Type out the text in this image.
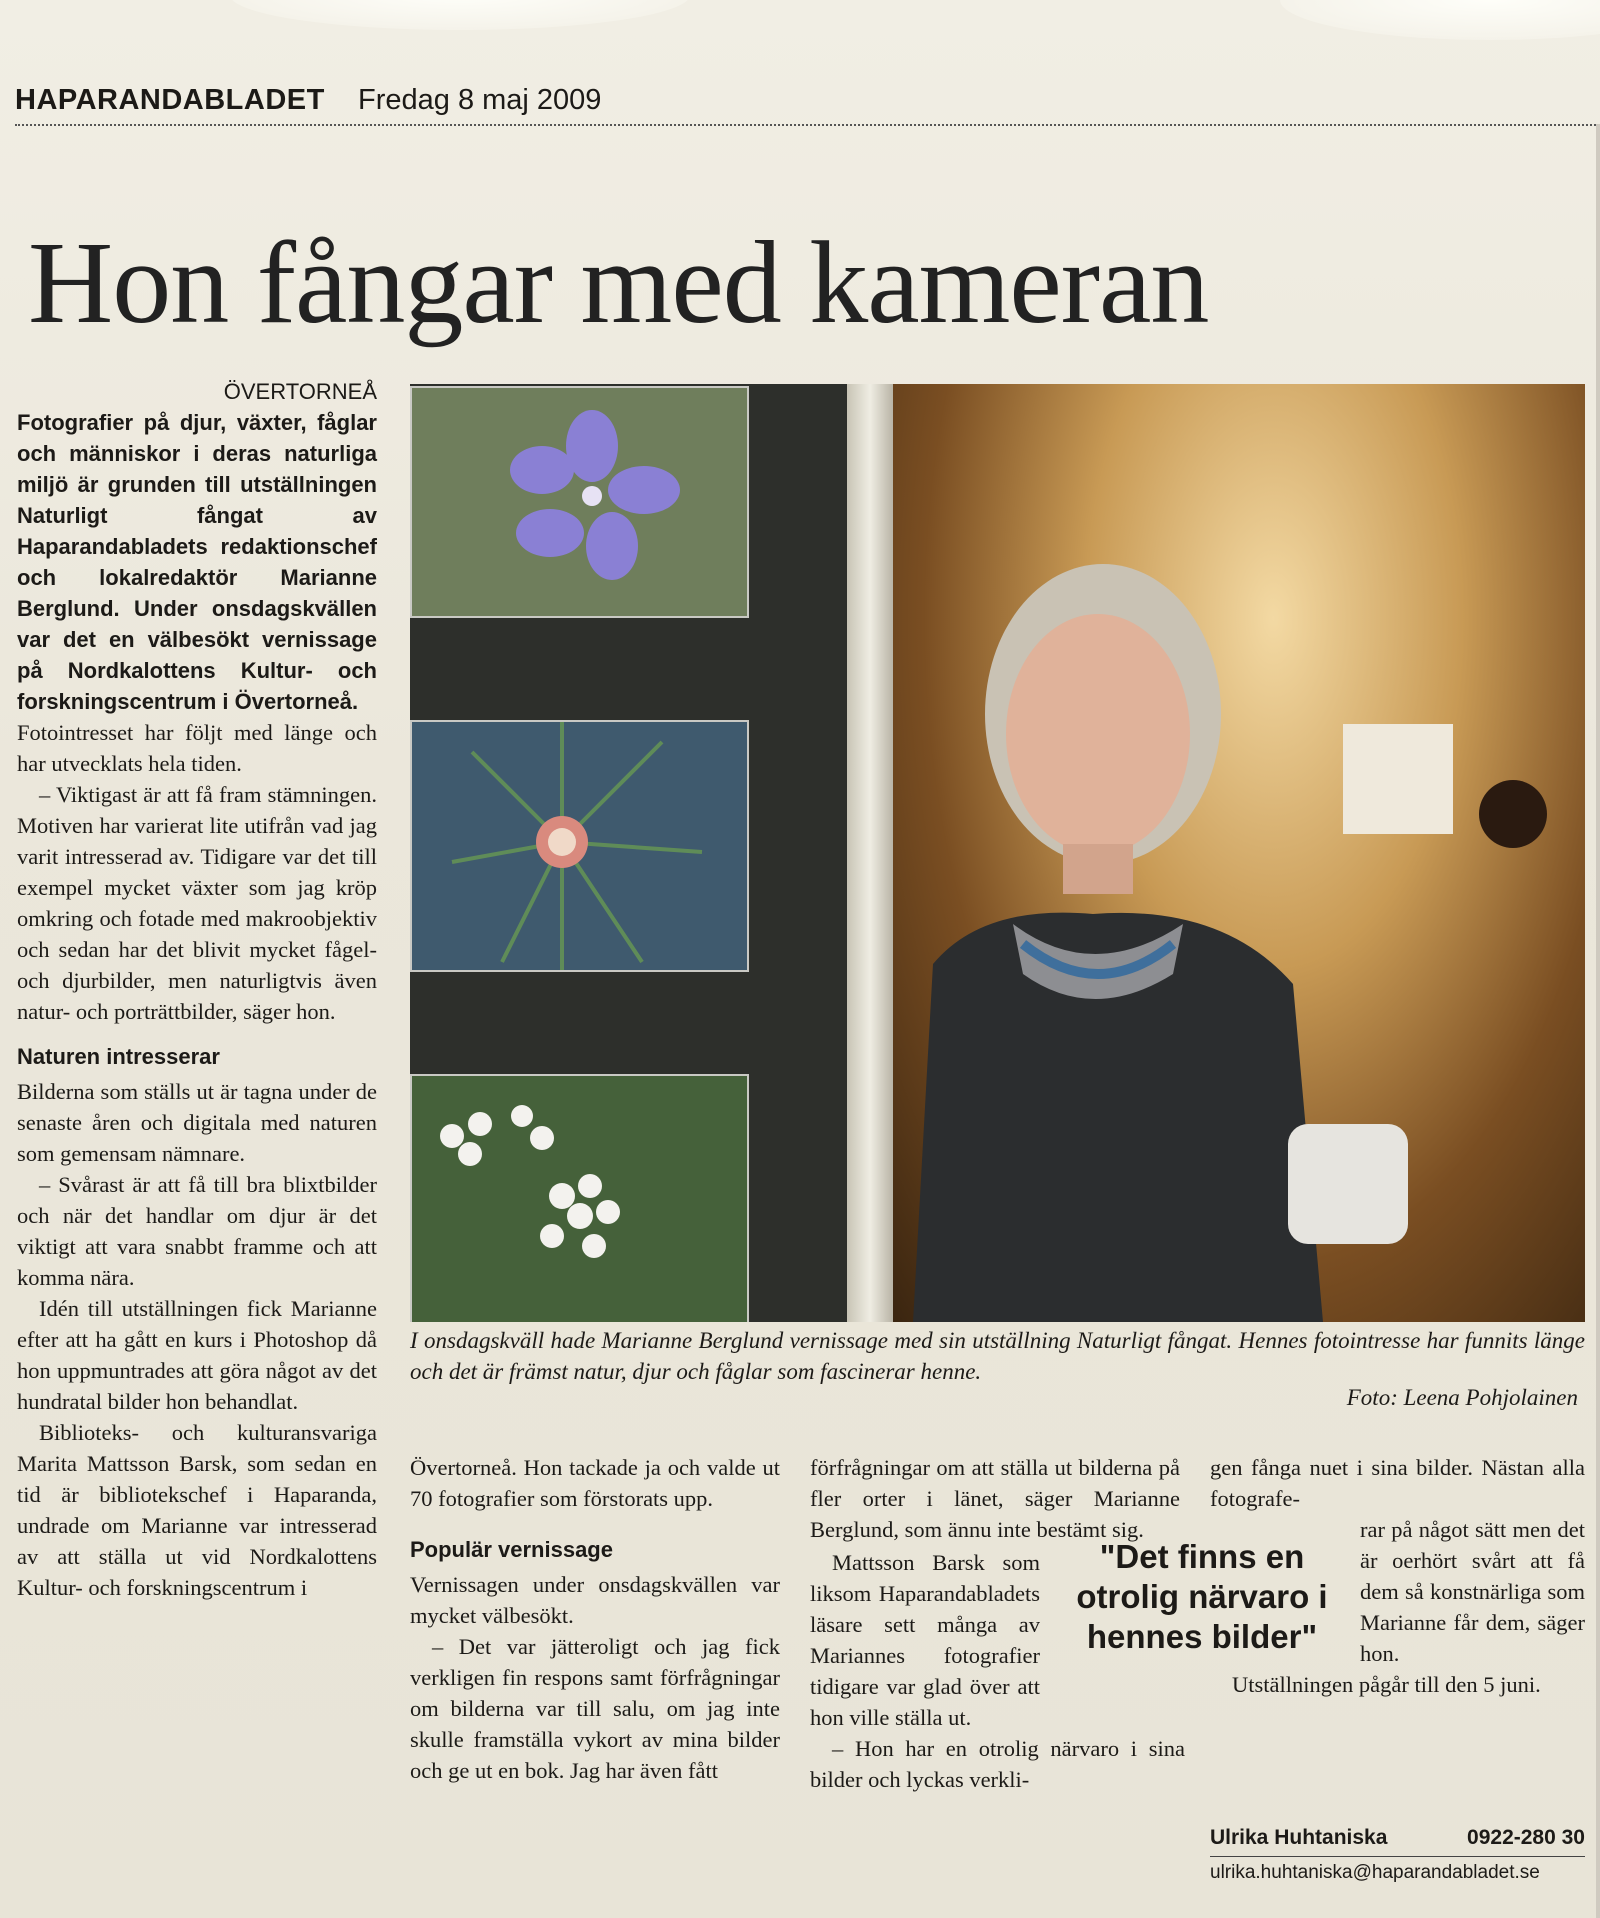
HAPARANDABLADET Fredag 8 maj 2009
Hon fångar med kameran

ÖVERTORNEÅ

Fotografier på djur, växter, fåglar och människor i deras naturliga miljö är grunden till utställningen Naturligt fångat av Haparandabladets redaktionschef och lokalredaktör Marianne Berglund. Under onsdagskvällen var det en välbesökt vernissage på Nordkalottens Kultur- och forskningscentrum i Övertorneå.

Fotointresset har följt med länge och har utvecklats hela tiden.

– Viktigast är att få fram stämningen. Motiven har varierat lite utifrån vad jag varit intresserad av. Tidigare var det till exempel mycket växter som jag kröp omkring och fotade med makroobjektiv och sedan har det blivit mycket fågel- och djurbilder, men naturligtvis även natur- och porträttbilder, säger hon.

Naturen intresserar

Bilderna som ställs ut är tagna under de senaste åren och digitala med naturen som gemensam nämnare.

– Svårast är att få till bra blixtbilder och när det handlar om djur är det viktigt att vara snabbt framme och att komma nära.

Idén till utställningen fick Marianne efter att ha gått en kurs i Photoshop då hon uppmuntrades att göra något av det hundratal bilder hon behandlat.

Biblioteks- och kulturansvariga Marita Mattsson Barsk, som sedan en tid är bibliotekschef i Haparanda, undrade om Marianne var intresserad av att ställa ut vid Nordkalottens Kultur- och forskningscentrum i

I onsdagskväll hade Marianne Berglund vernissage med sin utställning Naturligt fångat. Hennes fotointresse har funnits länge och det är främst natur, djur och fåglar som fascinerar henne.
Foto: Leena Pohjolainen

Övertorneå. Hon tackade ja och valde ut 70 fotografier som förstorats upp.

Populär vernissage

Vernissagen under onsdagskvällen var mycket välbesökt.

– Det var jätteroligt och jag fick verkligen fin respons samt förfrågningar om bilderna var till salu, om jag inte skulle framställa vykort av mina bilder och ge ut en bok. Jag har även fått

förfrågningar om att ställa ut bilderna på fler orter i länet, säger Marianne Berglund, som ännu inte bestämt sig.

Mattsson Barsk som liksom Haparandabladets läsare sett många av Mariannes fotografier tidigare var glad över att hon ville ställa ut.

– Hon har en otrolig närvaro i sina bilder och lyckas verkli-

gen fånga nuet i sina bilder. Nästan alla fotografe-

rar på något sätt men det är oerhört svårt att få dem så konstnärliga som Marianne får dem, säger hon.

Utställningen pågår till den 5 juni.

"Det finns en otrolig närvaro i hennes bilder"
Ulrika Huhtaniska	0922-280 30
ulrika.huhtaniska@haparandabladet.se
